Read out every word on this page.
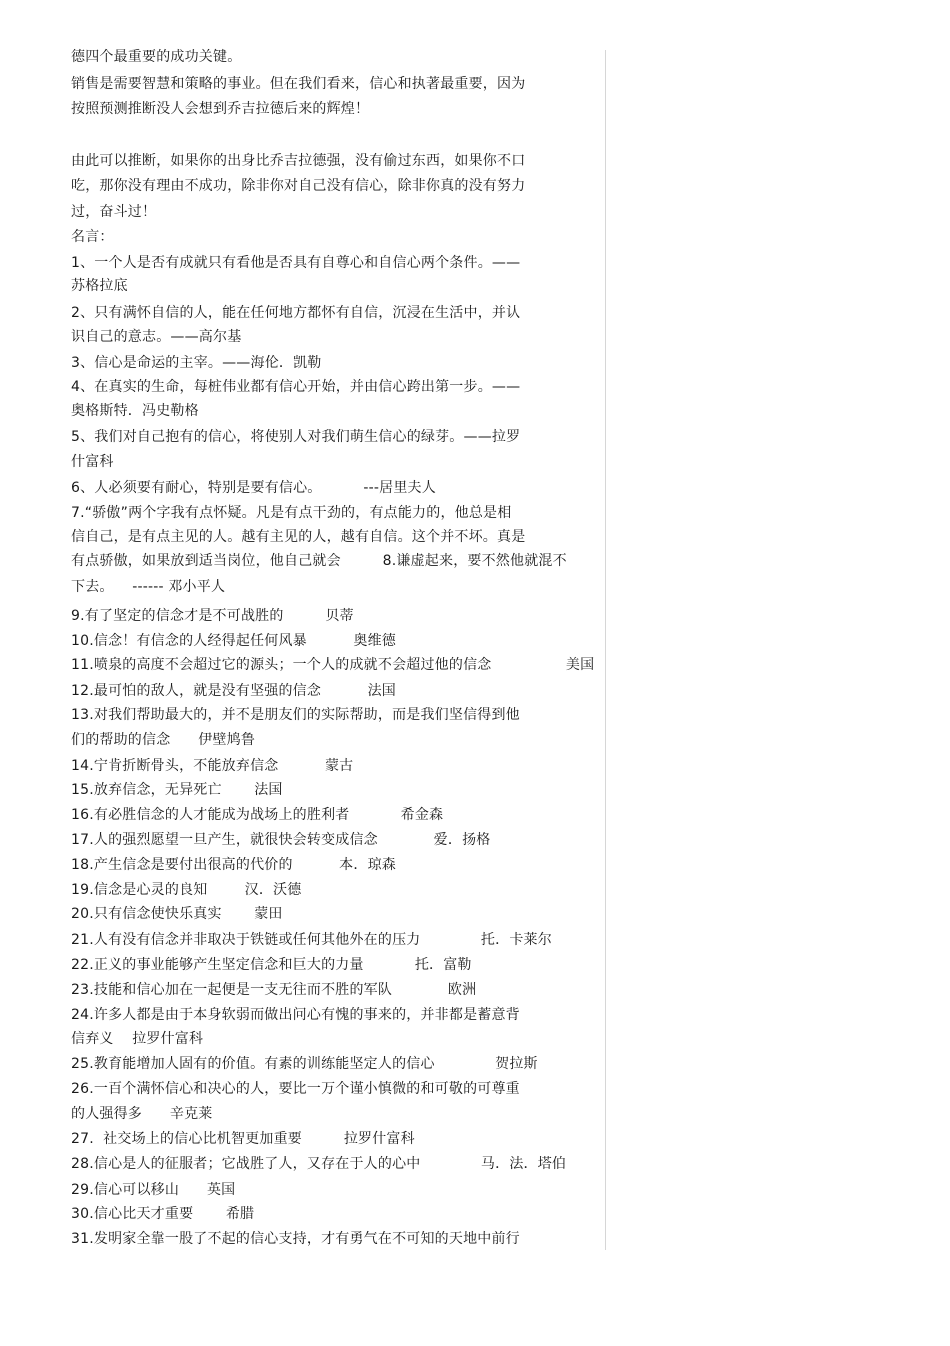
德四个最重要的成功关键。
销售是需要智慧和策略的事业。但在我们看来，信心和执著最重要，因为
按照预测推断没人会想到乔吉拉德后来的辉煌！
由此可以推断，如果你的出身比乔吉拉德强，没有偷过东西，如果你不口
吃，那你没有理由不成功，除非你对自己没有信心，除非你真的没有努力
过，奋斗过！
名言：
1、一个人是否有成就只有看他是否具有自尊心和自信心两个条件。——
苏格拉底
2、只有满怀自信的人，能在任何地方都怀有自信，沉浸在生活中，并认
识自己的意志。——高尔基
3、信心是命运的主宰。——海伦．凯勒
4、在真实的生命，每桩伟业都有信心开始，并由信心跨出第一步。——
奥格斯特．冯史勒格
5、我们对自己抱有的信心，将使别人对我们萌生信心的绿芽。——拉罗
什富科
6、人必须要有耐心，特别是要有信心。         ---居里夫人
7.“骄傲”两个字我有点怀疑。凡是有点干劲的，有点能力的，他总是相
信自己，是有点主见的人。越有主见的人，越有自信。这个并不坏。真是
有点骄傲，如果放到适当岗位，他自己就会         8.谦虚起来，要不然他就混不
下去。    ------ 邓小平人
9.有了坚定的信念才是不可战胜的         贝蒂
10.信念！有信念的人经得起任何风暴          奥维德
11.喷泉的高度不会超过它的源头；一个人的成就不会超过他的信念                美国
12.最可怕的敌人，就是没有坚强的信念          法国
13.对我们帮助最大的，并不是朋友们的实际帮助，而是我们坚信得到他
们的帮助的信念      伊壁鸠鲁
14.宁肯折断骨头，不能放弃信念          蒙古
15.放弃信念，无异死亡       法国
16.有必胜信念的人才能成为战场上的胜利者           希金森
17.人的强烈愿望一旦产生，就很快会转变成信念            爱．扬格
18.产生信念是要付出很高的代价的          本．琼森
19.信念是心灵的良知        汉．沃德
20.只有信念使快乐真实       蒙田
21.人有没有信念并非取决于铁链或任何其他外在的压力             托．卡莱尔
22.正义的事业能够产生坚定信念和巨大的力量           托．富勒
23.技能和信心加在一起便是一支无往而不胜的军队            欧洲
24.许多人都是由于本身软弱而做出问心有愧的事来的，并非都是蓄意背
信弃义    拉罗什富科
25.教育能增加人固有的价值。有素的训练能坚定人的信心             贺拉斯
26.一百个满怀信心和决心的人，要比一万个谨小慎微的和可敬的可尊重
的人强得多      辛克莱
27.  社交场上的信心比机智更加重要         拉罗什富科
28.信心是人的征服者；它战胜了人，又存在于人的心中             马．法．塔伯
29.信心可以移山      英国
30.信心比天才重要       希腊
31.发明家全靠一股了不起的信心支持，才有勇气在不可知的天地中前行
